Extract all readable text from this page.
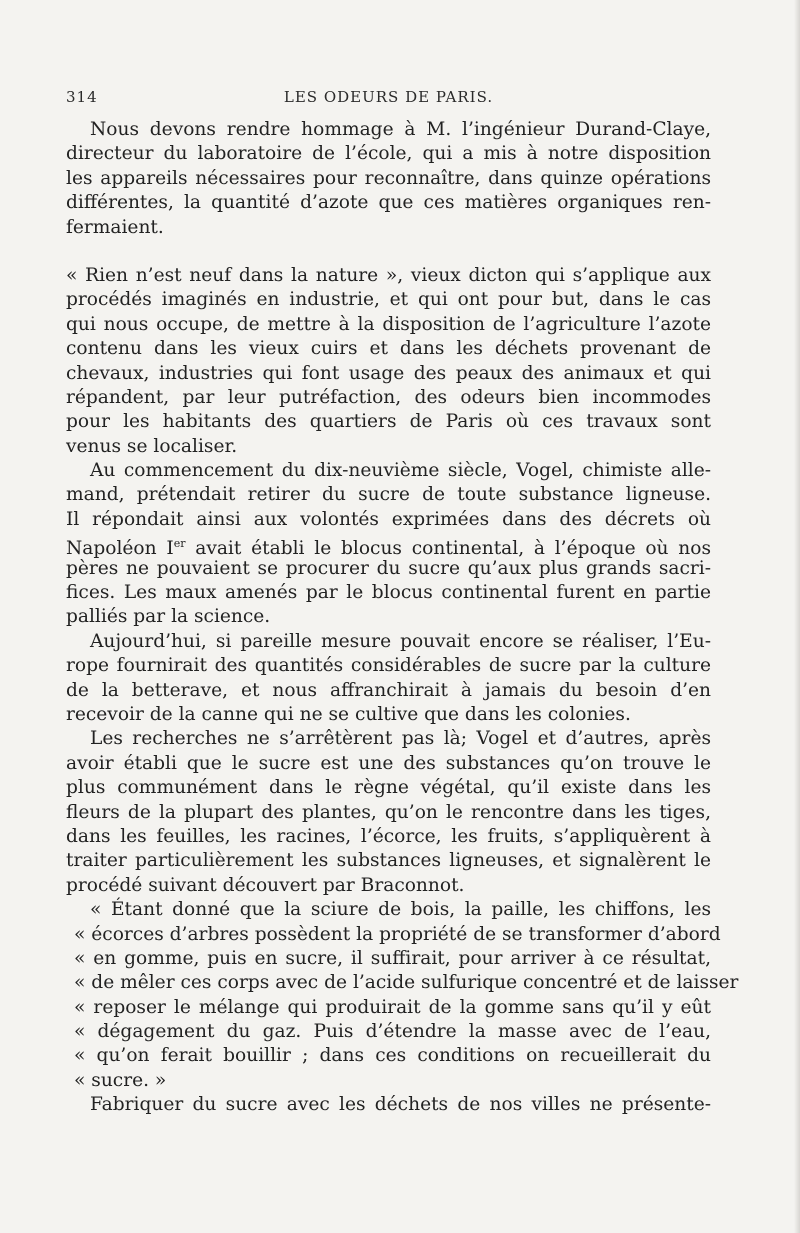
314	LES ODEURS DE PARIS.
Nous devons rendre hommage à M. l’ingénieur Durand-Claye,
directeur du laboratoire de l’école, qui a mis à notre disposition
les appareils nécessaires pour reconnaître, dans quinze opérations
différentes, la quantité d’azote que ces matières organiques ren-
fermaient.
« Rien n’est neuf dans la nature », vieux dicton qui s’applique aux
procédés imaginés en industrie, et qui ont pour but, dans le cas
qui nous occupe, de mettre à la disposition de l’agriculture l’azote
contenu dans les vieux cuirs et dans les déchets provenant de
chevaux, industries qui font usage des peaux des animaux et qui
répandent, par leur putréfaction, des odeurs bien incommodes
pour les habitants des quartiers de Paris où ces travaux sont
venus se localiser.
Au commencement du dix-neuvième siècle, Vogel, chimiste alle-
mand, prétendait retirer du sucre de toute substance ligneuse.
Il répondait ainsi aux volontés exprimées dans des décrets où
Napoléon Ier avait établi le blocus continental, à l’époque où nos
pères ne pouvaient se procurer du sucre qu’aux plus grands sacri-
fices. Les maux amenés par le blocus continental furent en partie
palliés par la science.
Aujourd’hui, si pareille mesure pouvait encore se réaliser, l’Eu-
rope fournirait des quantités considérables de sucre par la culture
de la betterave, et nous affranchirait à jamais du besoin d’en
recevoir de la canne qui ne se cultive que dans les colonies.
Les recherches ne s’arrêtèrent pas là; Vogel et d’autres, après
avoir établi que le sucre est une des substances qu’on trouve le
plus communément dans le règne végétal, qu’il existe dans les
fleurs de la plupart des plantes, qu’on le rencontre dans les tiges,
dans les feuilles, les racines, l’écorce, les fruits, s’appliquèrent à
traiter particulièrement les substances ligneuses, et signalèrent le
procédé suivant découvert par Braconnot.
« Étant donné que la sciure de bois, la paille, les chiffons, les
« écorces d’arbres possèdent la propriété de se transformer d’abord
« en gomme, puis en sucre, il suffirait, pour arriver à ce résultat,
« de mêler ces corps avec de l’acide sulfurique concentré et de laisser
« reposer le mélange qui produirait de la gomme sans qu’il y eût
« dégagement du gaz. Puis d’étendre la masse avec de l’eau,
« qu’on ferait bouillir ; dans ces conditions on recueillerait du
« sucre. »
Fabriquer du sucre avec les déchets de nos villes ne présente-
